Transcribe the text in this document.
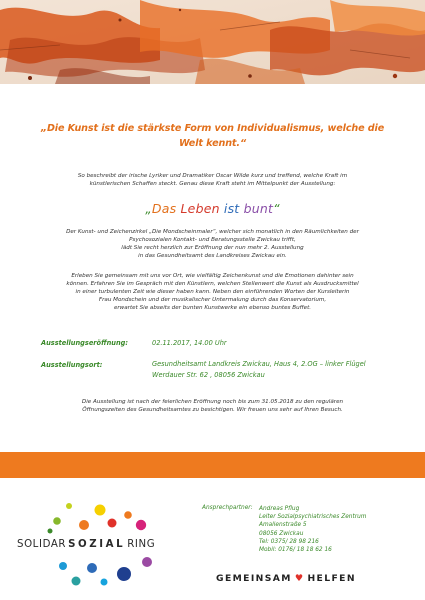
„Die Kunst ist die stärkste Form von Individualismus, welche die Welt kennt.“
So beschreibt der irische Lyriker und Dramatiker Oscar Wilde kurz und treffend, welche Kraft im
künstlerischen Schaffen steckt. Genau diese Kraft steht im Mittelpunkt der Ausstellung:
„Das Leben ist bunt“
Der Kunst- und Zeichenzirkel „Die Mondscheinmaler“, welcher sich monatlich in den Räumlichkeiten der
Psychosozialen Kontakt- und Beratungsstelle Zwickau trifft,
lädt Sie recht herzlich zur Eröffnung der nun mehr 2. Ausstellung
in das Gesundheitsamt des Landkreises Zwickau ein.
Erleben Sie gemeinsam mit uns vor Ort, wie vielfältig Zeichenkunst und die Emotionen dahinter sein
können. Erfahren Sie im Gespräch mit den Künstlern, welchen Stellenwert die Kunst als Ausdrucksmittel
in einer turbulenten Zeit wie dieser haben kann. Neben den einführenden Worten der Kursleiterin
Frau Mondschein und der musikalischer Untermalung durch das Konservatorium,
erwartet Sie abseits der bunten Kunstwerke ein ebenso buntes Buffet.
Ausstellungseröffnung:	02.11.2017, 14.00 Uhr
Ausstellungsort:	Gesundheitsamt Landkreis Zwickau, Haus 4, 2.OG – linker Flügel
Werdauer Str. 62 , 08056 Zwickau
Die Ausstellung ist nach der feierlichen Eröffnung noch bis zum 31.05.2018 zu den regulären
Öffnungszeiten des Gesundheitsamtes zu besichtigen. Wir freuen uns sehr auf Ihren Besuch.
SOLIDAR SOZIAL RING
Ansprechpartner: Andreas Pflug
Leiter Sozialpsychiatrisches Zentrum
Amalienstraße 5
08056 Zwickau
Tel: 0375/ 28 98 216
Mobil: 0176/ 18 18 62 16
GEMEINSAM ♥ HELFEN
